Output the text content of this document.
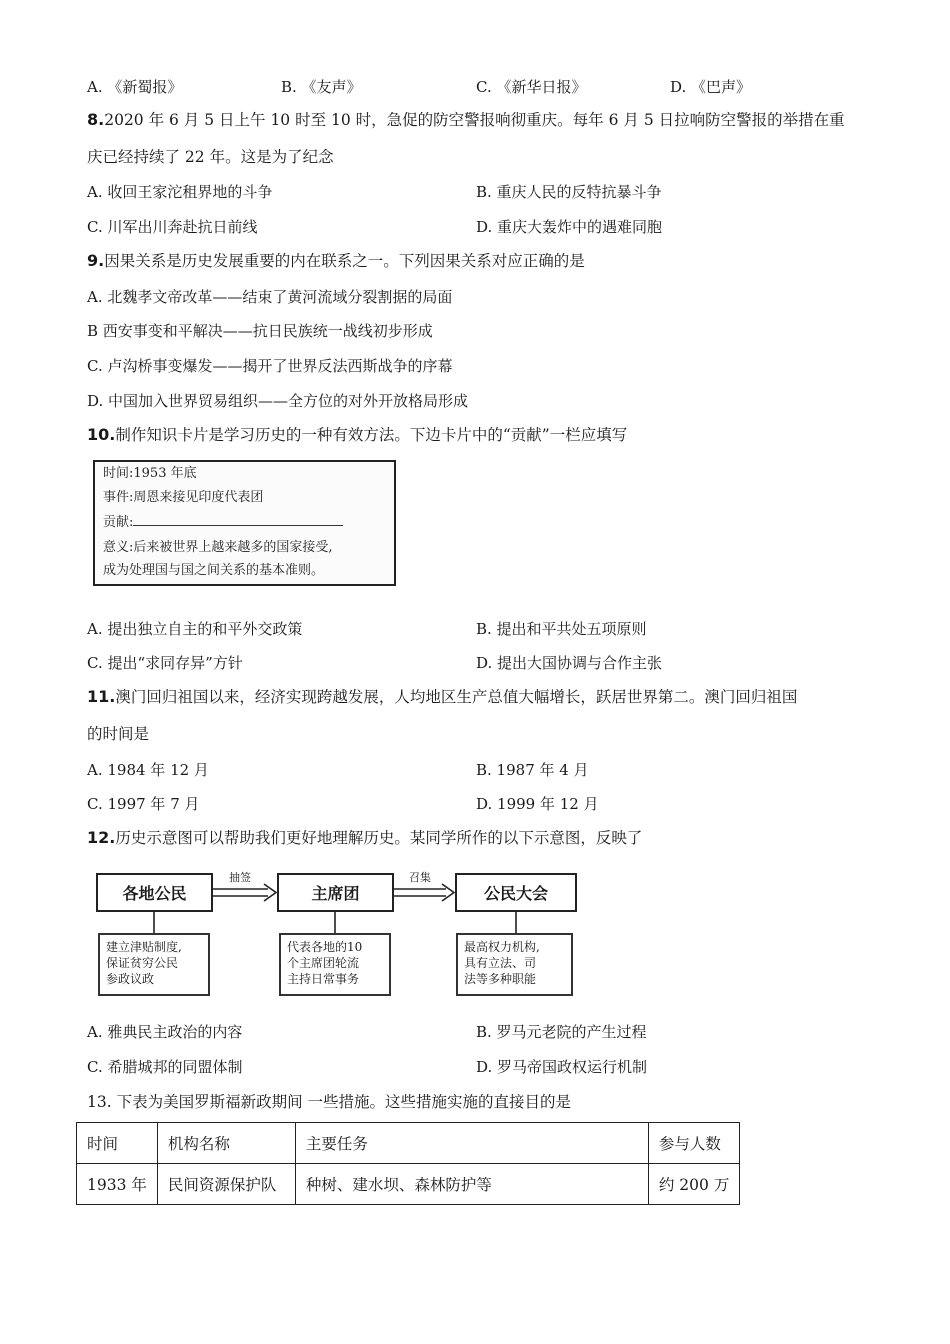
A. 《新蜀报》	B. 《友声》	C. 《新华日报》	D. 《巴声》
8.2020 年 6 月 5 日上午 10 时至 10 时，急促的防空警报响彻重庆。每年 6 月 5 日拉响防空警报的举措在重
庆已经持续了 22 年。这是为了纪念
A. 收回王家沱租界地的斗争	B. 重庆人民的反特抗暴斗争
C. 川军出川奔赴抗日前线	D. 重庆大轰炸中的遇难同胞
9.因果关系是历史发展重要的内在联系之一。下列因果关系对应正确的是
A. 北魏孝文帝改革——结束了黄河流域分裂割据的局面
B 西安事变和平解决——抗日民族统一战线初步形成
C. 卢沟桥事变爆发——揭开了世界反法西斯战争的序幕
D. 中国加入世界贸易组织——全方位的对外开放格局形成
10.制作知识卡片是学习历史的一种有效方法。下边卡片中的“贡献”一栏应填写
时间:1953 年底
事件:周恩来接见印度代表团
贡献:
意义:后来被世界上越来越多的国家接受,
成为处理国与国之间关系的基本准则。
A. 提出独立自主的和平外交政策	B. 提出和平共处五项原则
C. 提出“求同存异”方针	D. 提出大国协调与合作主张
11.澳门回归祖国以来，经济实现跨越发展，人均地区生产总值大幅增长，跃居世界第二。澳门回归祖国
的时间是
A. 1984 年 12 月	B. 1987 年 4 月
C. 1997 年 7 月	D. 1999 年 12 月
12.历史示意图可以帮助我们更好地理解历史。某同学所作的以下示意图，反映了
各地公民	主席团	公民大会
抽签	召集
建立津贴制度,
保证贫穷公民
参政议政
代表各地的10
个主席团轮流
主持日常事务
最高权力机构,
具有立法、司
法等多种职能
A. 雅典民主政治的内容	B. 罗马元老院的产生过程
C. 希腊城邦的同盟体制	D. 罗马帝国政权运行机制
13. 下表为美国罗斯福新政期间 一些措施。这些措施实施的直接目的是
时间	机构名称	主要任务	参与人数
1933 年	民间资源保护队	种树、建水坝、森林防护等	约 200 万
